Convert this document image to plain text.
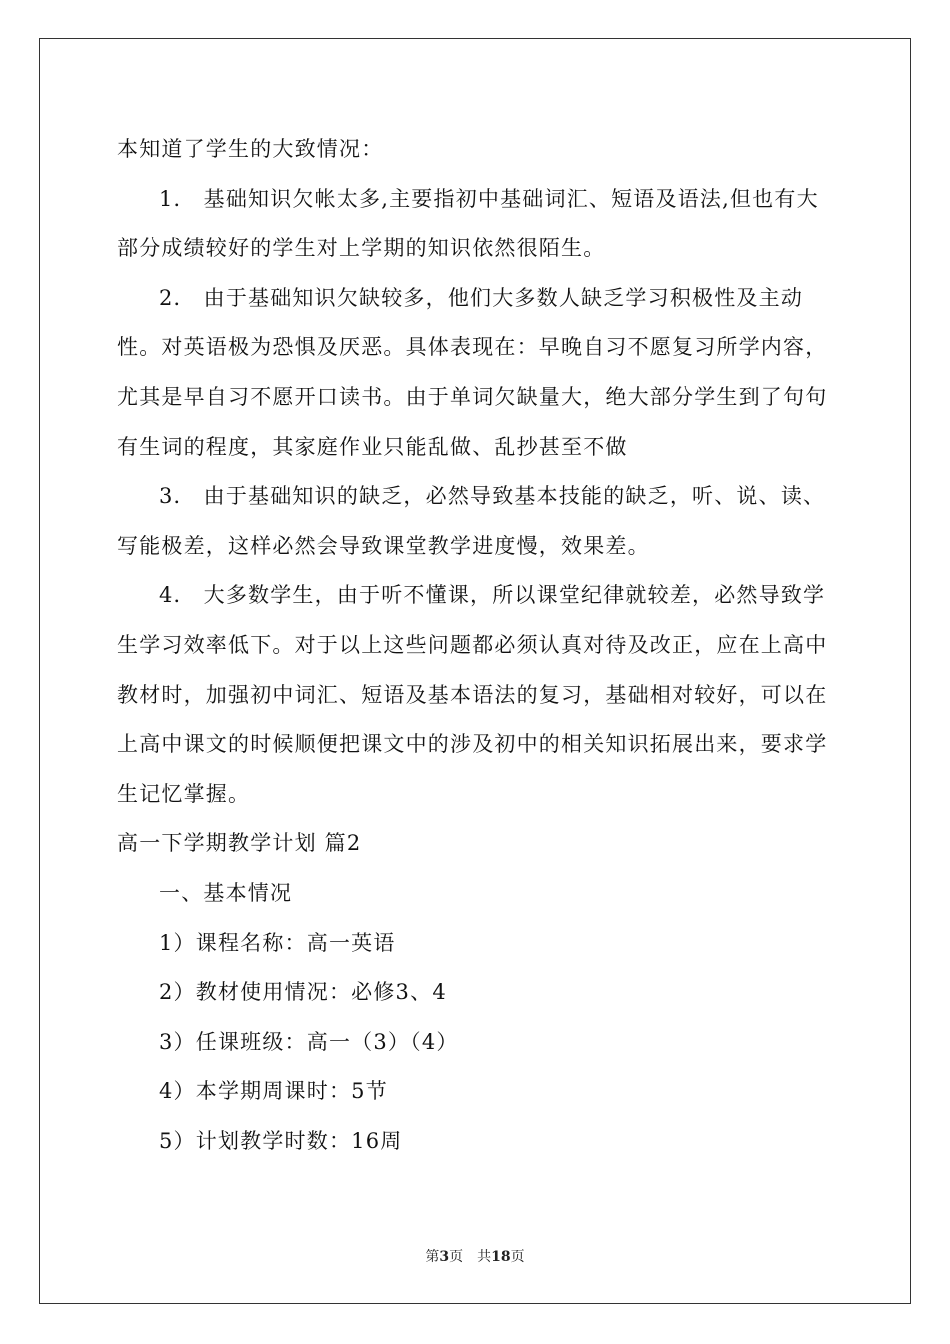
本知道了学生的大致情况：

1． 基础知识欠帐太多,主要指初中基础词汇、短语及语法,但也有大部分成绩较好的学生对上学期的知识依然很陌生。

2． 由于基础知识欠缺较多，他们大多数人缺乏学习积极性及主动性。对英语极为恐惧及厌恶。具体表现在：早晚自习不愿复习所学内容，尤其是早自习不愿开口读书。由于单词欠缺量大，绝大部分学生到了句句有生词的程度，其家庭作业只能乱做、乱抄甚至不做

3． 由于基础知识的缺乏，必然导致基本技能的缺乏，听、说、读、写能极差，这样必然会导致课堂教学进度慢，效果差。

4． 大多数学生，由于听不懂课，所以课堂纪律就较差，必然导致学生学习效率低下。对于以上这些问题都必须认真对待及改正，应在上高中教材时，加强初中词汇、短语及基本语法的复习，基础相对较好，可以在上高中课文的时候顺便把课文中的涉及初中的相关知识拓展出来，要求学生记忆掌握。

高一下学期教学计划 篇2

一、基本情况

1）课程名称：高一英语

2）教材使用情况：必修3、4

3）任课班级：高一（3）（4）

4）本学期周课时：5节

5）计划教学时数：16周

第3页　共18页
